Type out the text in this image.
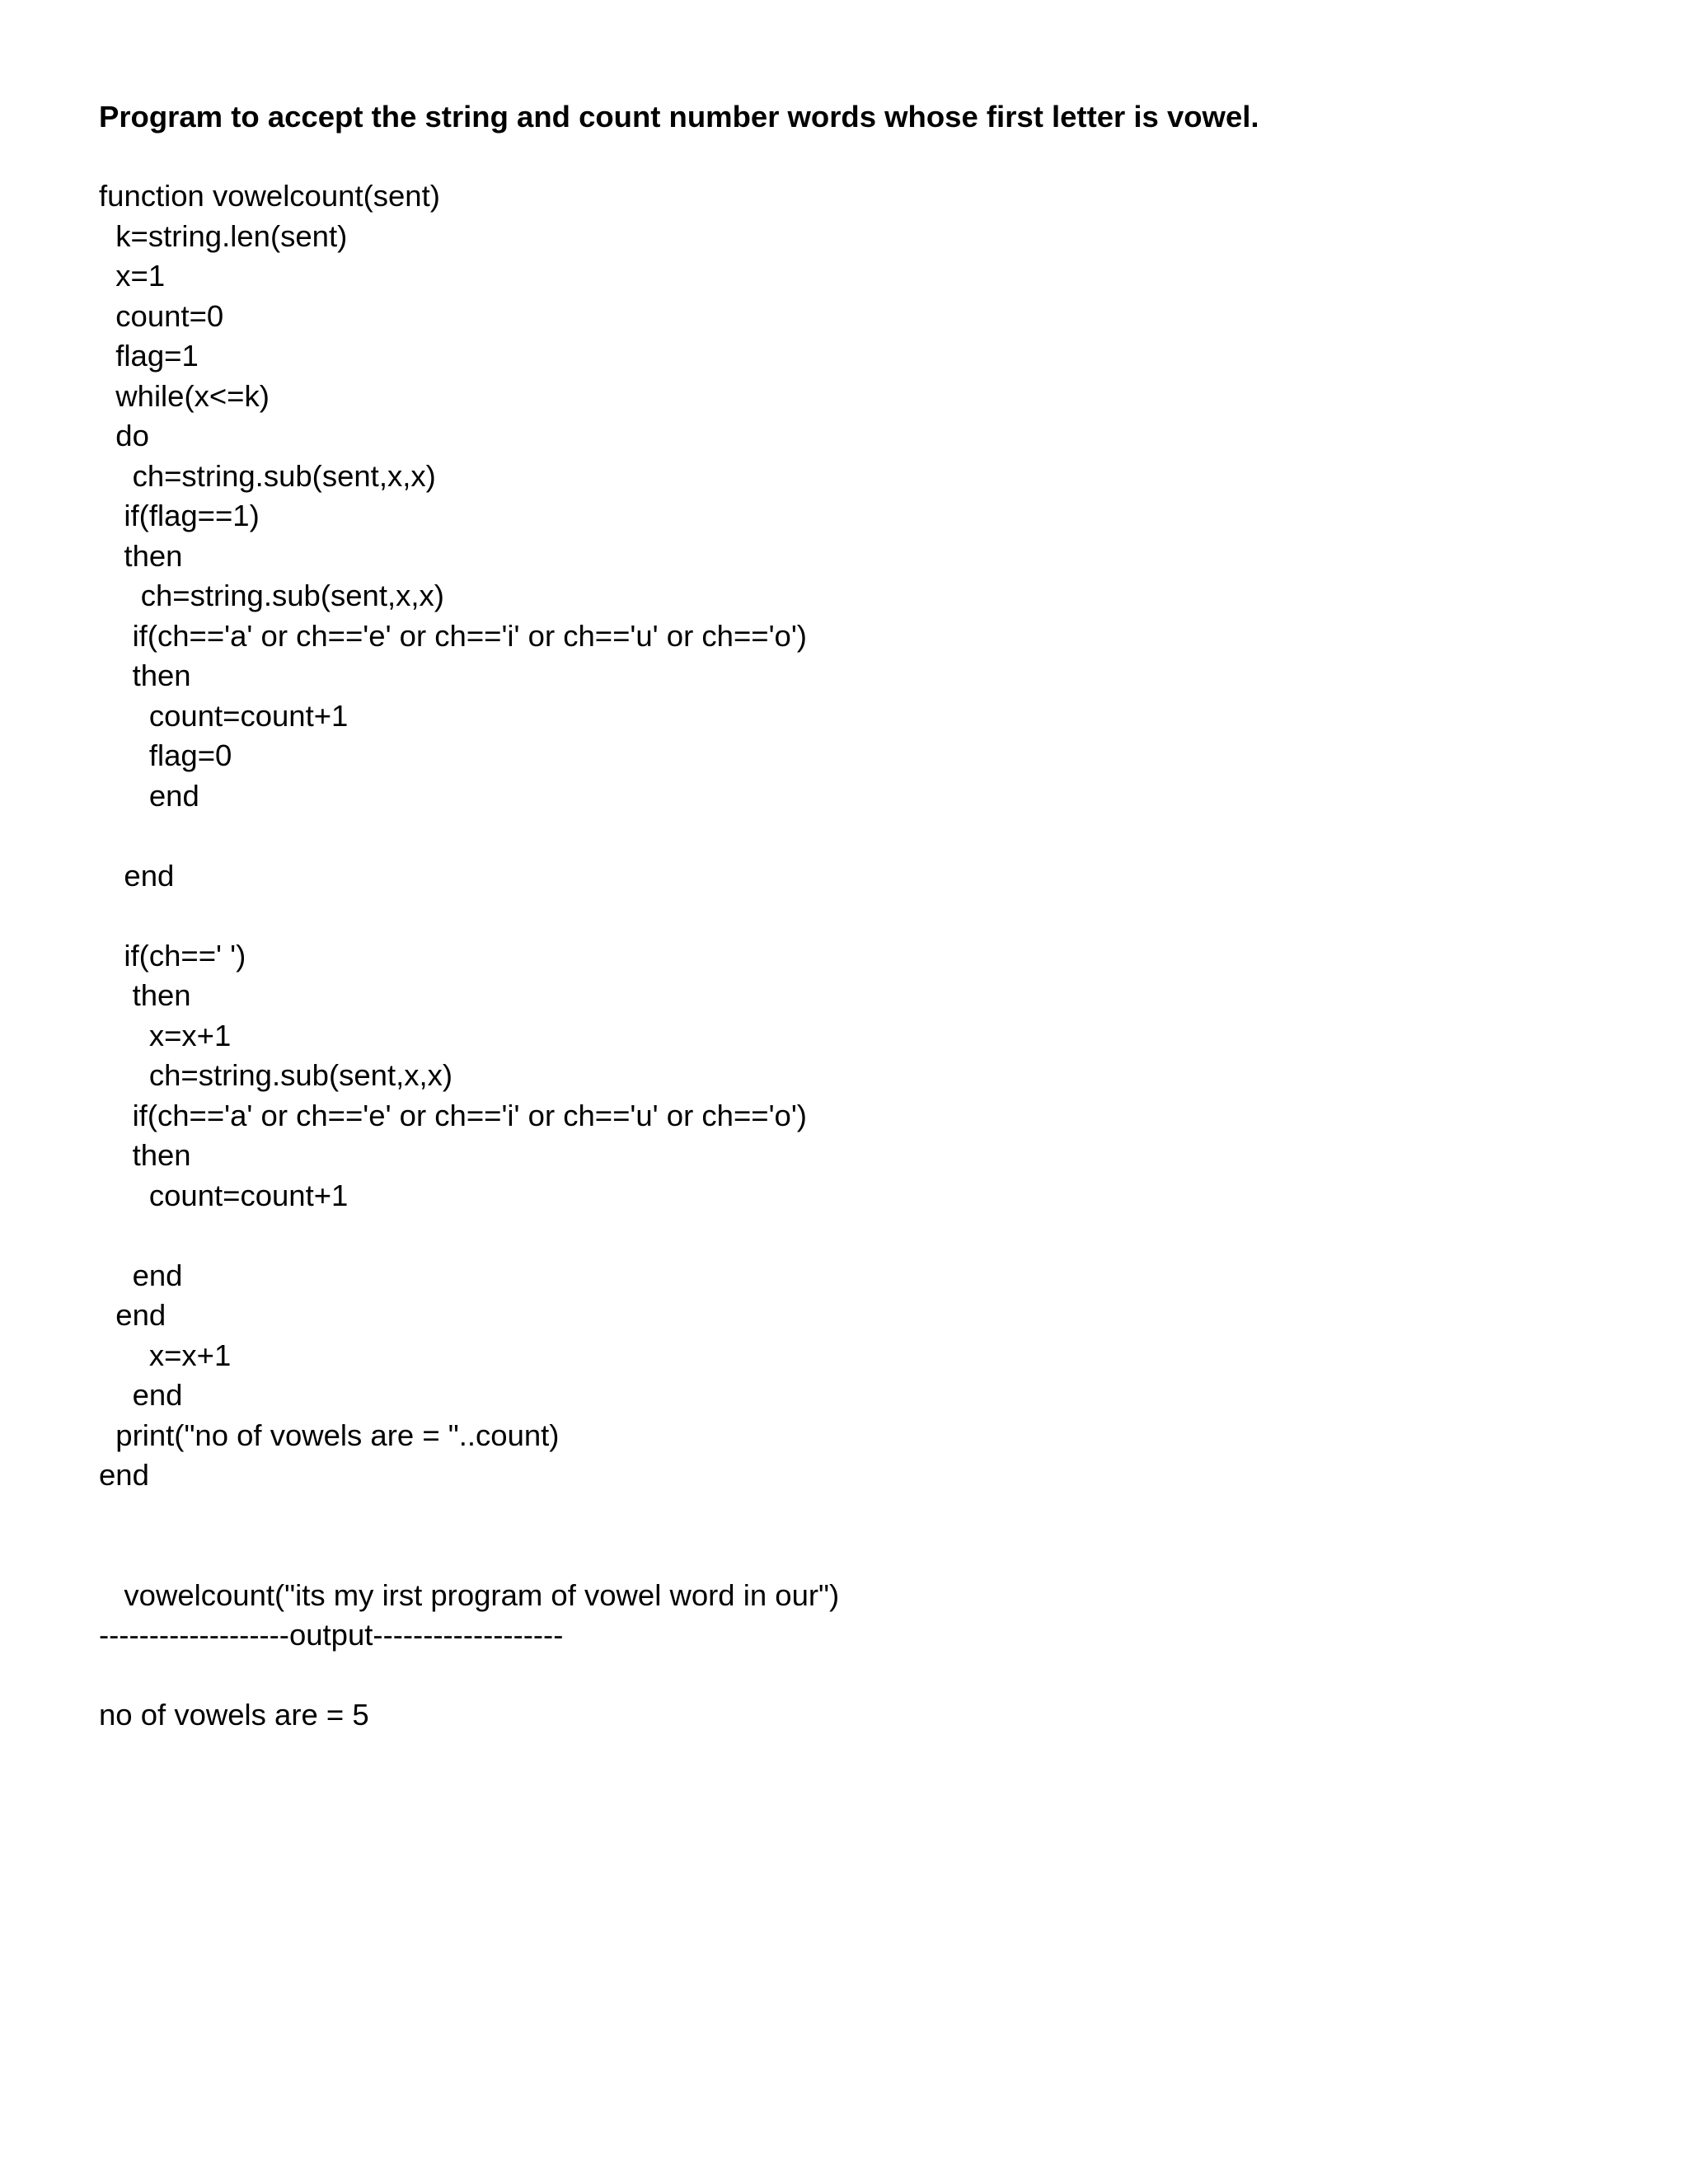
Program to accept the string and count number words whose first letter is vowel.
function vowelcount(sent)
k=string.len(sent)
x=1
count=0
flag=1
while(x<=k)
do
ch=string.sub(sent,x,x)
if(flag==1)
then
ch=string.sub(sent,x,x)
if(ch=='a' or ch=='e' or ch=='i' or ch=='u' or ch=='o')
then
count=count+1
flag=0
end
end
if(ch==' ')
then
x=x+1
ch=string.sub(sent,x,x)
if(ch=='a' or ch=='e' or ch=='i' or ch=='u' or ch=='o')
then
count=count+1
end
end
x=x+1
end
print("no of vowels are = "..count)
end
vowelcount("its my irst program of vowel word in our")
-------------------output-------------------
no of vowels are = 5
